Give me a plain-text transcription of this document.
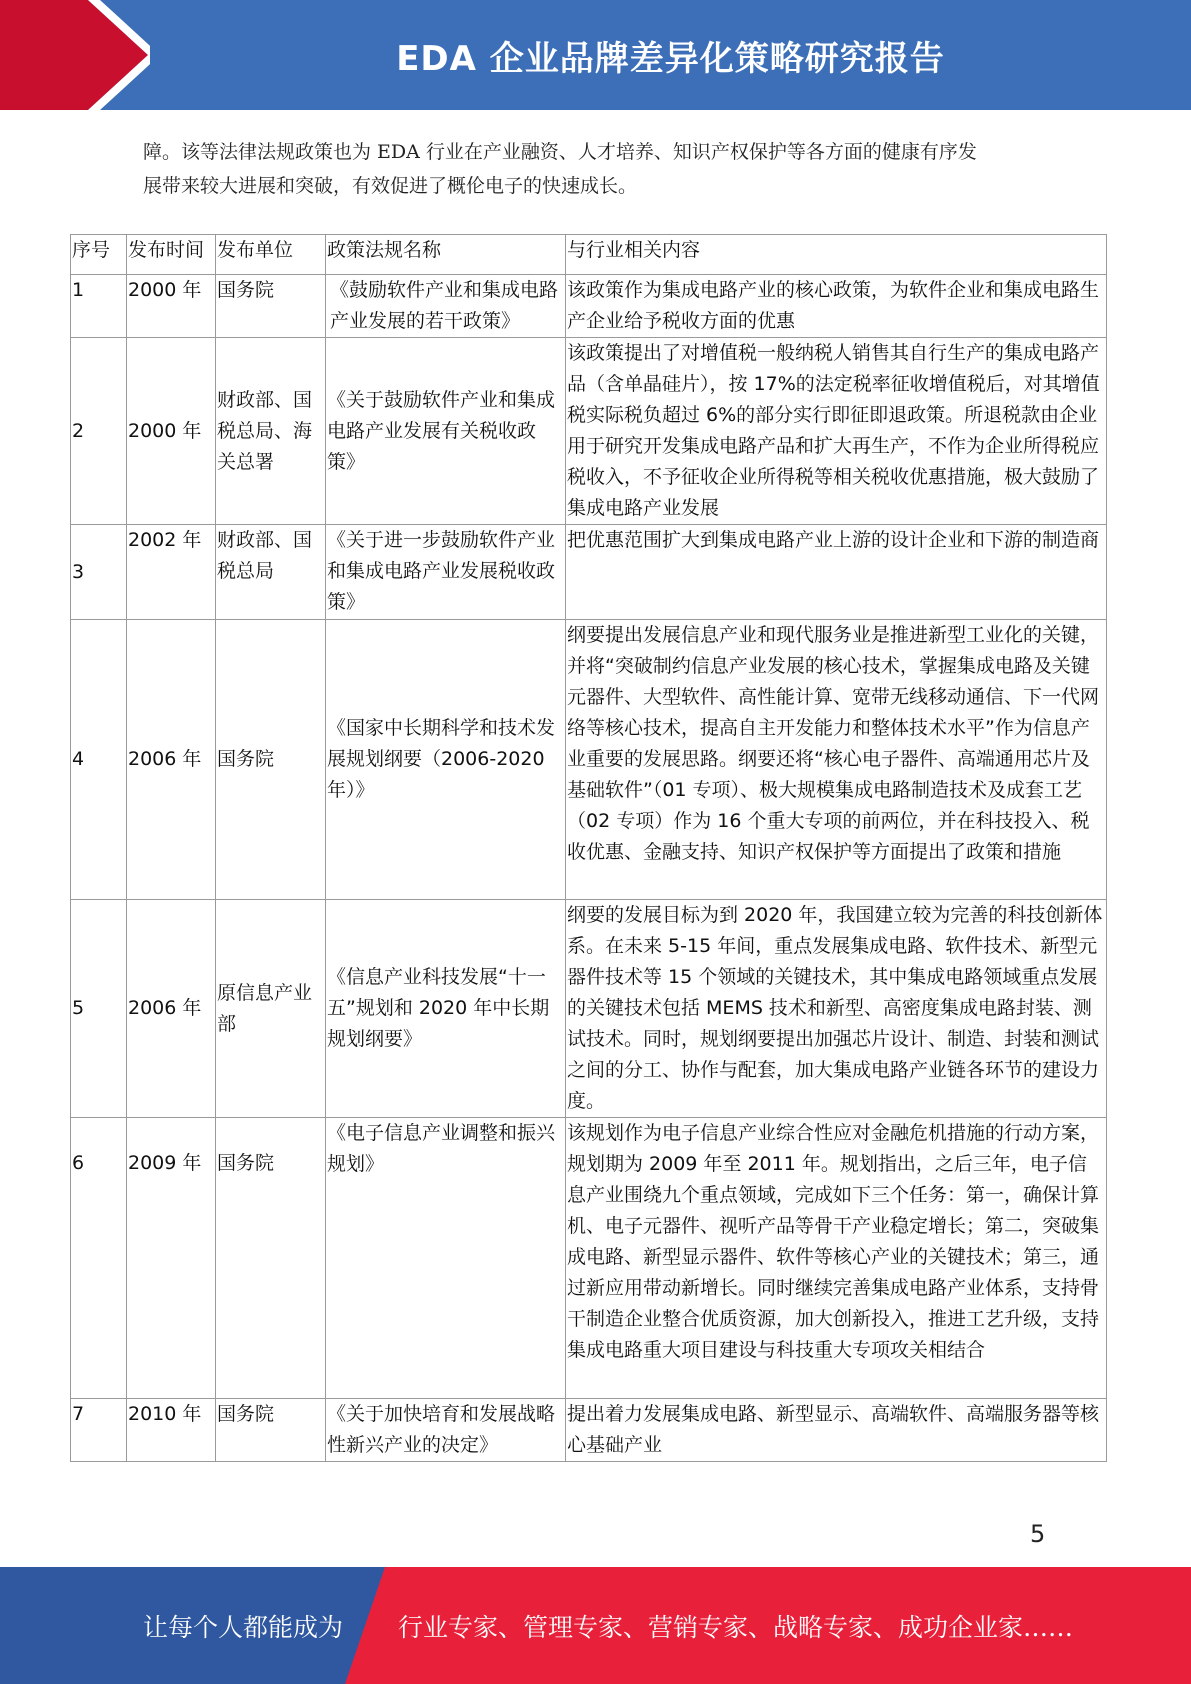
EDA 企业品牌差异化策略研究报告
障。该等法律法规政策也为 EDA 行业在产业融资、人才培养、知识产权保护等各方面的健康有序发
展带来较大进展和突破，有效促进了概伦电子的快速成长。
序号	发布时间	发布单位	政策法规名称	与行业相关内容
1	2000 年	国务院	《鼓励软件产业和集成电路产业发展的若干政策》	该政策作为集成电路产业的核心政策，为软件企业和集成电路生产企业给予税收方面的优惠
2	2000 年	财政部、国税总局、海关总署	《关于鼓励软件产业和集成电路产业发展有关税收政策》	该政策提出了对增值税一般纳税人销售其自行生产的集成电路产品（含单晶硅片），按 17%的法定税率征收增值税后，对其增值税实际税负超过 6%的部分实行即征即退政策。所退税款由企业用于研究开发集成电路产品和扩大再生产，不作为企业所得税应税收入，不予征收企业所得税等相关税收优惠措施，极大鼓励了集成电路产业发展
3	2002 年	财政部、国税总局	《关于进一步鼓励软件产业和集成电路产业发展税收政策》	把优惠范围扩大到集成电路产业上游的设计企业和下游的制造商
4	2006 年	国务院	《国家中长期科学和技术发展规划纲要（2006-2020 年）》	纲要提出发展信息产业和现代服务业是推进新型工业化的关键，并将“突破制约信息产业发展的核心技术，掌握集成电路及关键元器件、大型软件、高性能计算、宽带无线移动通信、下一代网络等核心技术，提高自主开发能力和整体技术水平”作为信息产业重要的发展思路。纲要还将“核心电子器件、高端通用芯片及基础软件”（01 专项）、极大规模集成电路制造技术及成套工艺（02 专项）作为 16 个重大专项的前两位，并在科技投入、税收优惠、金融支持、知识产权保护等方面提出了政策和措施
5	2006 年	原信息产业部	《信息产业科技发展“十一五”规划和 2020 年中长期规划纲要》	纲要的发展目标为到 2020 年，我国建立较为完善的科技创新体系。在未来 5-15 年间，重点发展集成电路、软件技术、新型元器件技术等 15 个领域的关键技术，其中集成电路领域重点发展的关键技术包括 MEMS 技术和新型、高密度集成电路封装、测试技术。同时，规划纲要提出加强芯片设计、制造、封装和测试之间的分工、协作与配套，加大集成电路产业链各环节的建设力度。
6	2009 年	国务院	《电子信息产业调整和振兴规划》	该规划作为电子信息产业综合性应对金融危机措施的行动方案，规划期为 2009 年至 2011 年。规划指出，之后三年，电子信息产业围绕九个重点领域，完成如下三个任务：第一，确保计算机、电子元器件、视听产品等骨干产业稳定增长；第二，突破集成电路、新型显示器件、软件等核心产业的关键技术；第三，通过新应用带动新增长。同时继续完善集成电路产业体系，支持骨干制造企业整合优质资源，加大创新投入，推进工艺升级，支持集成电路重大项目建设与科技重大专项攻关相结合
7	2010 年	国务院	《关于加快培育和发展战略性新兴产业的决定》	提出着力发展集成电路、新型显示、高端软件、高端服务器等核心基础产业
5
让每个人都能成为 行业专家、管理专家、营销专家、战略专家、成功企业家……
